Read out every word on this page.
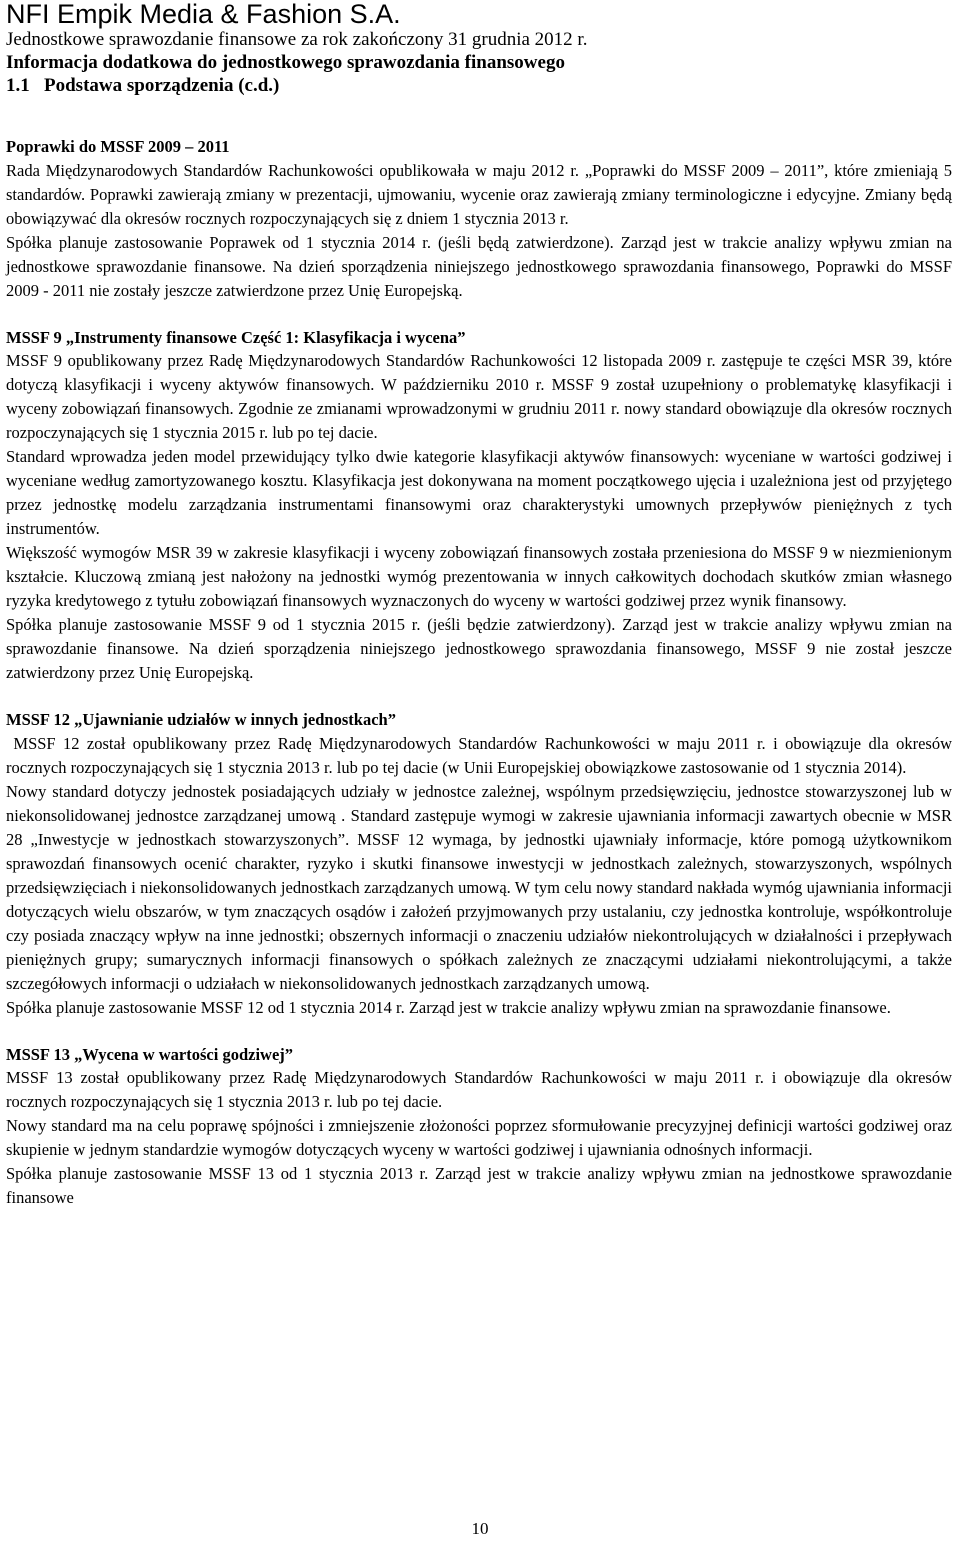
NFI Empik Media & Fashion S.A.
Jednostkowe sprawozdanie finansowe za rok zakończony 31 grudnia 2012 r.
Informacja dodatkowa do jednostkowego sprawozdania finansowego
1.1   Podstawa sporządzenia (c.d.)
Poprawki do MSSF 2009 – 2011

Rada Międzynarodowych Standardów Rachunkowości opublikowała w maju 2012 r. „Poprawki do MSSF 2009 – 2011”, które zmieniają 5 standardów. Poprawki zawierają zmiany w prezentacji, ujmowaniu, wycenie oraz zawierają zmiany terminologiczne i edycyjne. Zmiany będą obowiązywać dla okresów rocznych rozpoczynających się z dniem 1 stycznia 2013 r.

Spółka planuje zastosowanie Poprawek od 1 stycznia 2014 r. (jeśli będą zatwierdzone). Zarząd jest w trakcie analizy wpływu zmian na jednostkowe sprawozdanie finansowe. Na dzień sporządzenia niniejszego jednostkowego sprawozdania finansowego, Poprawki do MSSF 2009 - 2011 nie zostały jeszcze zatwierdzone przez Unię Europejską.

MSSF 9 „Instrumenty finansowe Część 1: Klasyfikacja i wycena”

MSSF 9 opublikowany przez Radę Międzynarodowych Standardów Rachunkowości 12 listopada 2009 r. zastępuje te części MSR 39, które dotyczą klasyfikacji i wyceny aktywów finansowych. W październiku 2010 r. MSSF 9 został uzupełniony o problematykę klasyfikacji i wyceny zobowiązań finansowych. Zgodnie ze zmianami wprowadzonymi w grudniu 2011 r. nowy standard obowiązuje dla okresów rocznych rozpoczynających się 1 stycznia 2015 r. lub po tej dacie.

Standard wprowadza jeden model przewidujący tylko dwie kategorie klasyfikacji aktywów finansowych: wyceniane w wartości godziwej i wyceniane według zamortyzowanego kosztu. Klasyfikacja jest dokonywana na moment początkowego ujęcia i uzależniona jest od przyjętego przez jednostkę modelu zarządzania instrumentami finansowymi oraz charakterystyki umownych przepływów pieniężnych z tych instrumentów.

Większość wymogów MSR 39 w zakresie klasyfikacji i wyceny zobowiązań finansowych została przeniesiona do MSSF 9 w niezmienionym kształcie. Kluczową zmianą jest nałożony na jednostki wymóg prezentowania w innych całkowitych dochodach skutków zmian własnego ryzyka kredytowego z tytułu zobowiązań finansowych wyznaczonych do wyceny w wartości godziwej przez wynik finansowy.

Spółka planuje zastosowanie MSSF 9 od 1 stycznia 2015 r. (jeśli będzie zatwierdzony). Zarząd jest w trakcie analizy wpływu zmian na sprawozdanie finansowe. Na dzień sporządzenia niniejszego jednostkowego sprawozdania finansowego, MSSF 9 nie został jeszcze zatwierdzony przez Unię Europejską.

MSSF 12 „Ujawnianie udziałów w innych jednostkach”

MSSF 12 został opublikowany przez Radę Międzynarodowych Standardów Rachunkowości w maju 2011 r. i obowiązuje dla okresów rocznych rozpoczynających się 1 stycznia 2013 r. lub po tej dacie (w Unii Europejskiej obowiązkowe zastosowanie od 1 stycznia 2014).

Nowy standard dotyczy jednostek posiadających udziały w jednostce zależnej, wspólnym przedsięwzięciu, jednostce stowarzyszonej lub w niekonsolidowanej jednostce zarządzanej umową . Standard zastępuje wymogi w zakresie ujawniania informacji zawartych obecnie w MSR 28 „Inwestycje w jednostkach stowarzyszonych”. MSSF 12 wymaga, by jednostki ujawniały informacje, które pomogą użytkownikom sprawozdań finansowych ocenić charakter, ryzyko i skutki finansowe inwestycji w jednostkach zależnych, stowarzyszonych, wspólnych przedsięwzięciach i niekonsolidowanych jednostkach zarządzanych umową. W tym celu nowy standard nakłada wymóg ujawniania informacji dotyczących wielu obszarów, w tym znaczących osądów i założeń przyjmowanych przy ustalaniu, czy jednostka kontroluje, współkontroluje czy posiada znaczący wpływ na inne jednostki; obszernych informacji o znaczeniu udziałów niekontrolujących w działalności i przepływach pieniężnych grupy; sumarycznych informacji finansowych o spółkach zależnych ze znaczącymi udziałami niekontrolującymi, a także szczegółowych informacji o udziałach w niekonsolidowanych jednostkach zarządzanych umową.

Spółka planuje zastosowanie MSSF 12 od 1 stycznia 2014 r. Zarząd jest w trakcie analizy wpływu zmian na sprawozdanie finansowe.

MSSF 13 „Wycena w wartości godziwej”

MSSF 13 został opublikowany przez Radę Międzynarodowych Standardów Rachunkowości w maju 2011 r. i obowiązuje dla okresów rocznych rozpoczynających się 1 stycznia 2013 r. lub po tej dacie.

Nowy standard ma na celu poprawę spójności i zmniejszenie złożoności poprzez sformułowanie precyzyjnej definicji wartości godziwej oraz skupienie w jednym standardzie wymogów dotyczących wyceny w wartości godziwej i ujawniania odnośnych informacji.

Spółka planuje zastosowanie MSSF 13 od 1 stycznia 2013 r. Zarząd jest w trakcie analizy wpływu zmian na jednostkowe sprawozdanie finansowe

10
